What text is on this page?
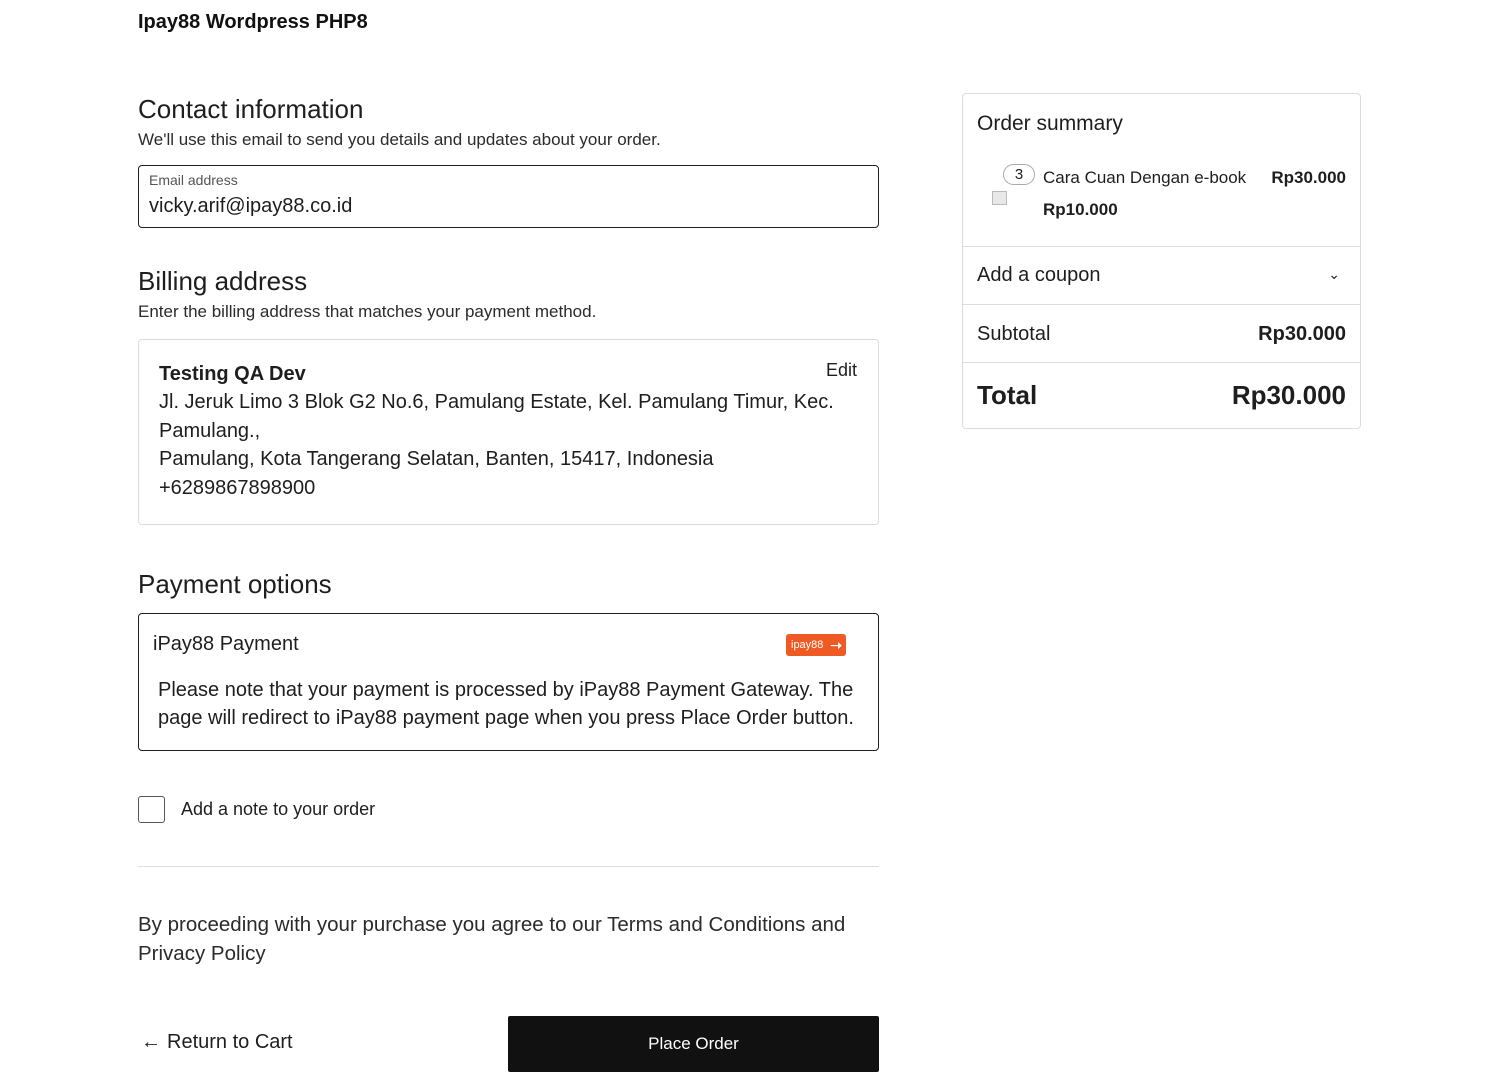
Ipay88 Wordpress PHP8
Contact information

We'll use this email to send you details and updates about your order.

Email address
vicky.arif@ipay88.co.id
Billing address

Enter the billing address that matches your payment method.

Testing QA Dev
Jl. Jeruk Limo 3 Blok G2 No.6, Pamulang Estate, Kel. Pamulang Timur, Kec.
Pamulang.,
Pamulang, Kota Tangerang Selatan, Banten, 15417, Indonesia
+6289867898900
Edit
Payment options
iPay88 Payment	ipay88 ➝
Please note that your payment is processed by iPay88 Payment Gateway. The
page will redirect to iPay88 payment page when you press Place Order button.
Add a note to your order
By proceeding with your purchase you agree to our Terms and Conditions and
Privacy Policy
← Return to Cart	Place Order
Order summary
3	Cara Cuan Dengan e-book Rp30.000
Rp10.000
Add a coupon	⌄
Subtotal	Rp30.000
Total	Rp30.000
